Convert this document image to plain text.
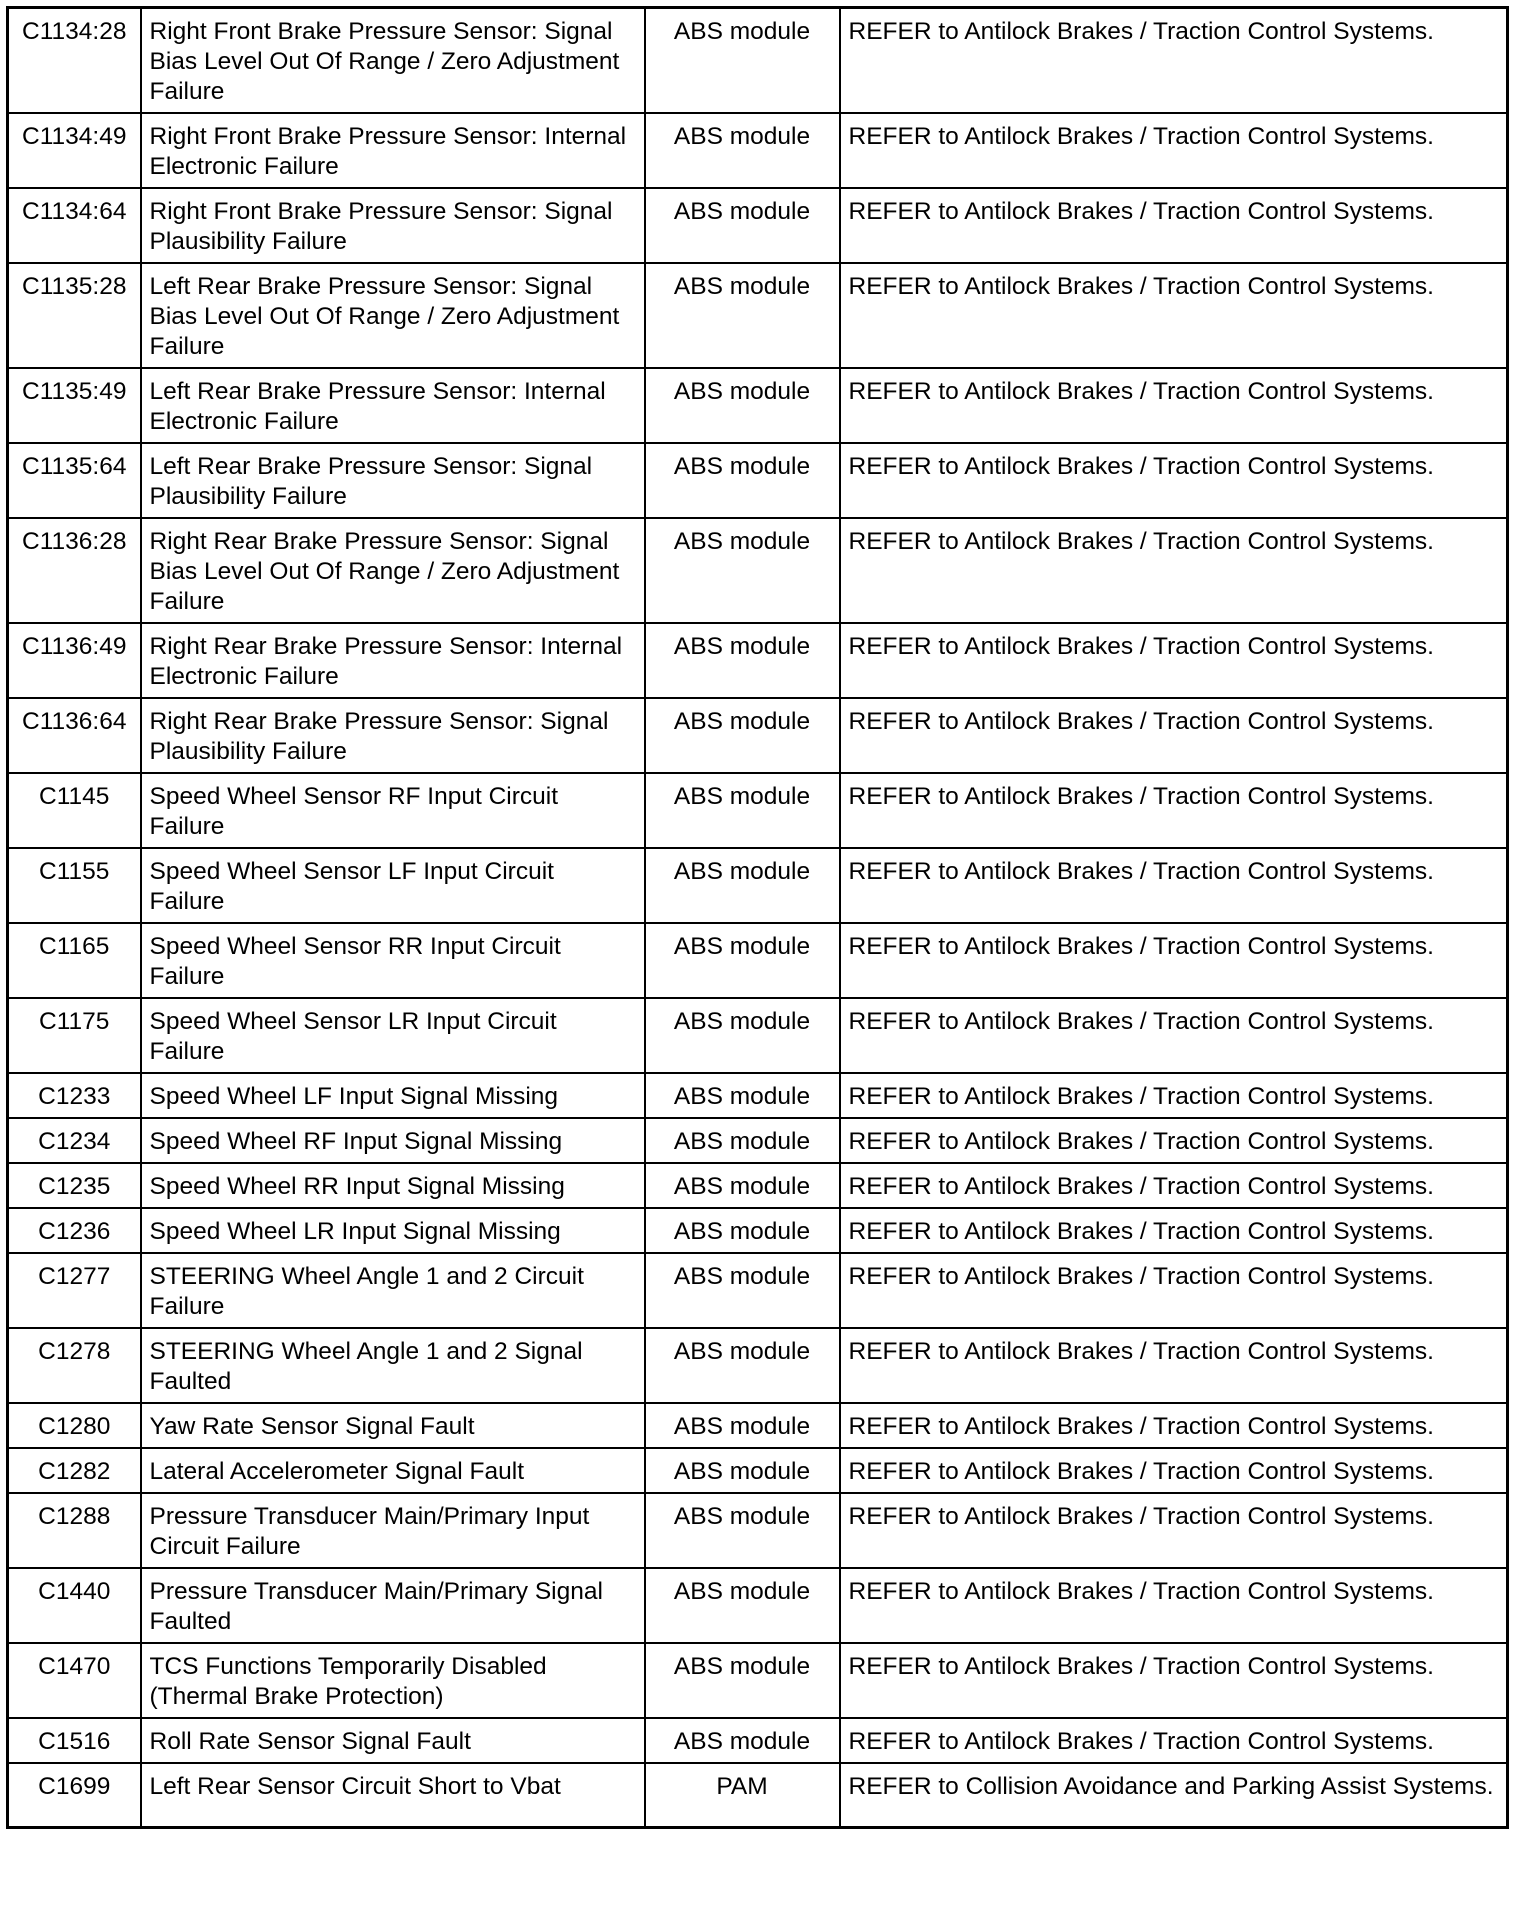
C1134:28	Right Front Brake Pressure Sensor: Signal Bias Level Out Of Range / Zero Adjustment Failure	ABS module	REFER to Antilock Brakes / Traction Control Systems.
C1134:49	Right Front Brake Pressure Sensor: Internal Electronic Failure	ABS module	REFER to Antilock Brakes / Traction Control Systems.
C1134:64	Right Front Brake Pressure Sensor: Signal Plausibility Failure	ABS module	REFER to Antilock Brakes / Traction Control Systems.
C1135:28	Left Rear Brake Pressure Sensor: Signal Bias Level Out Of Range / Zero Adjustment Failure	ABS module	REFER to Antilock Brakes / Traction Control Systems.
C1135:49	Left Rear Brake Pressure Sensor: Internal Electronic Failure	ABS module	REFER to Antilock Brakes / Traction Control Systems.
C1135:64	Left Rear Brake Pressure Sensor: Signal Plausibility Failure	ABS module	REFER to Antilock Brakes / Traction Control Systems.
C1136:28	Right Rear Brake Pressure Sensor: Signal Bias Level Out Of Range / Zero Adjustment Failure	ABS module	REFER to Antilock Brakes / Traction Control Systems.
C1136:49	Right Rear Brake Pressure Sensor: Internal Electronic Failure	ABS module	REFER to Antilock Brakes / Traction Control Systems.
C1136:64	Right Rear Brake Pressure Sensor: Signal Plausibility Failure	ABS module	REFER to Antilock Brakes / Traction Control Systems.
C1145	Speed Wheel Sensor RF Input Circuit Failure	ABS module	REFER to Antilock Brakes / Traction Control Systems.
C1155	Speed Wheel Sensor LF Input Circuit Failure	ABS module	REFER to Antilock Brakes / Traction Control Systems.
C1165	Speed Wheel Sensor RR Input Circuit Failure	ABS module	REFER to Antilock Brakes / Traction Control Systems.
C1175	Speed Wheel Sensor LR Input Circuit Failure	ABS module	REFER to Antilock Brakes / Traction Control Systems.
C1233	Speed Wheel LF Input Signal Missing	ABS module	REFER to Antilock Brakes / Traction Control Systems.
C1234	Speed Wheel RF Input Signal Missing	ABS module	REFER to Antilock Brakes / Traction Control Systems.
C1235	Speed Wheel RR Input Signal Missing	ABS module	REFER to Antilock Brakes / Traction Control Systems.
C1236	Speed Wheel LR Input Signal Missing	ABS module	REFER to Antilock Brakes / Traction Control Systems.
C1277	STEERING Wheel Angle 1 and 2 Circuit Failure	ABS module	REFER to Antilock Brakes / Traction Control Systems.
C1278	STEERING Wheel Angle 1 and 2 Signal Faulted	ABS module	REFER to Antilock Brakes / Traction Control Systems.
C1280	Yaw Rate Sensor Signal Fault	ABS module	REFER to Antilock Brakes / Traction Control Systems.
C1282	Lateral Accelerometer Signal Fault	ABS module	REFER to Antilock Brakes / Traction Control Systems.
C1288	Pressure Transducer Main/Primary Input Circuit Failure	ABS module	REFER to Antilock Brakes / Traction Control Systems.
C1440	Pressure Transducer Main/Primary Signal Faulted	ABS module	REFER to Antilock Brakes / Traction Control Systems.
C1470	TCS Functions Temporarily Disabled (Thermal Brake Protection)	ABS module	REFER to Antilock Brakes / Traction Control Systems.
C1516	Roll Rate Sensor Signal Fault	ABS module	REFER to Antilock Brakes / Traction Control Systems.
C1699	Left Rear Sensor Circuit Short to Vbat	PAM	REFER to Collision Avoidance and Parking Assist Systems.
